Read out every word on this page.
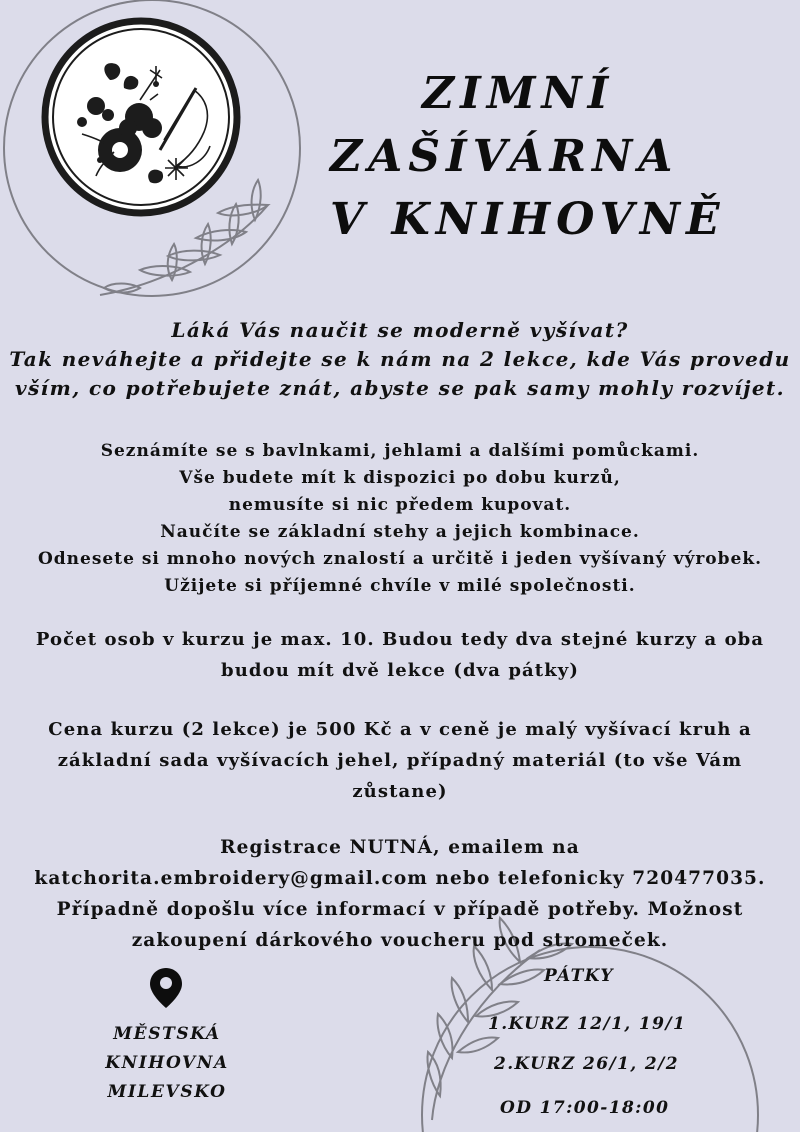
ZIMNÍ
ZAŠÍVÁRNA
V KNIHOVNĚ
Láká Vás naučit se moderně vyšívat?
Tak neváhejte a přidejte se k nám na 2 lekce, kde Vás provedu
vším, co potřebujete znát, abyste se pak samy mohly rozvíjet.
Seznámíte se s bavlnkami, jehlami a dalšími pomůckami.
Vše budete mít k dispozici po dobu kurzů,
nemusíte si nic předem kupovat.
Naučíte se základní stehy a jejich kombinace.
Odnesete si mnoho nových znalostí a určitě i jeden vyšívaný výrobek.
Užijete si příjemné chvíle v milé společnosti.
Počet osob v kurzu je max. 10. Budou tedy dva stejné kurzy a oba
budou mít dvě lekce (dva pátky)
Cena kurzu (2 lekce) je 500 Kč a v ceně je malý vyšívací kruh a
základní sada vyšívacích jehel, případný materiál (to vše Vám
zůstane)
Registrace NUTNÁ, emailem na
katchorita.embroidery@gmail.com nebo telefonicky 720477035.
Případně dopošlu více informací v případě potřeby. Možnost
zakoupení dárkového voucheru pod stromeček.
MĚSTSKÁ
KNIHOVNA
MILEVSKO
PÁTKY
1.KURZ 12/1, 19/1
2.KURZ 26/1, 2/2
OD 17:00-18:00
